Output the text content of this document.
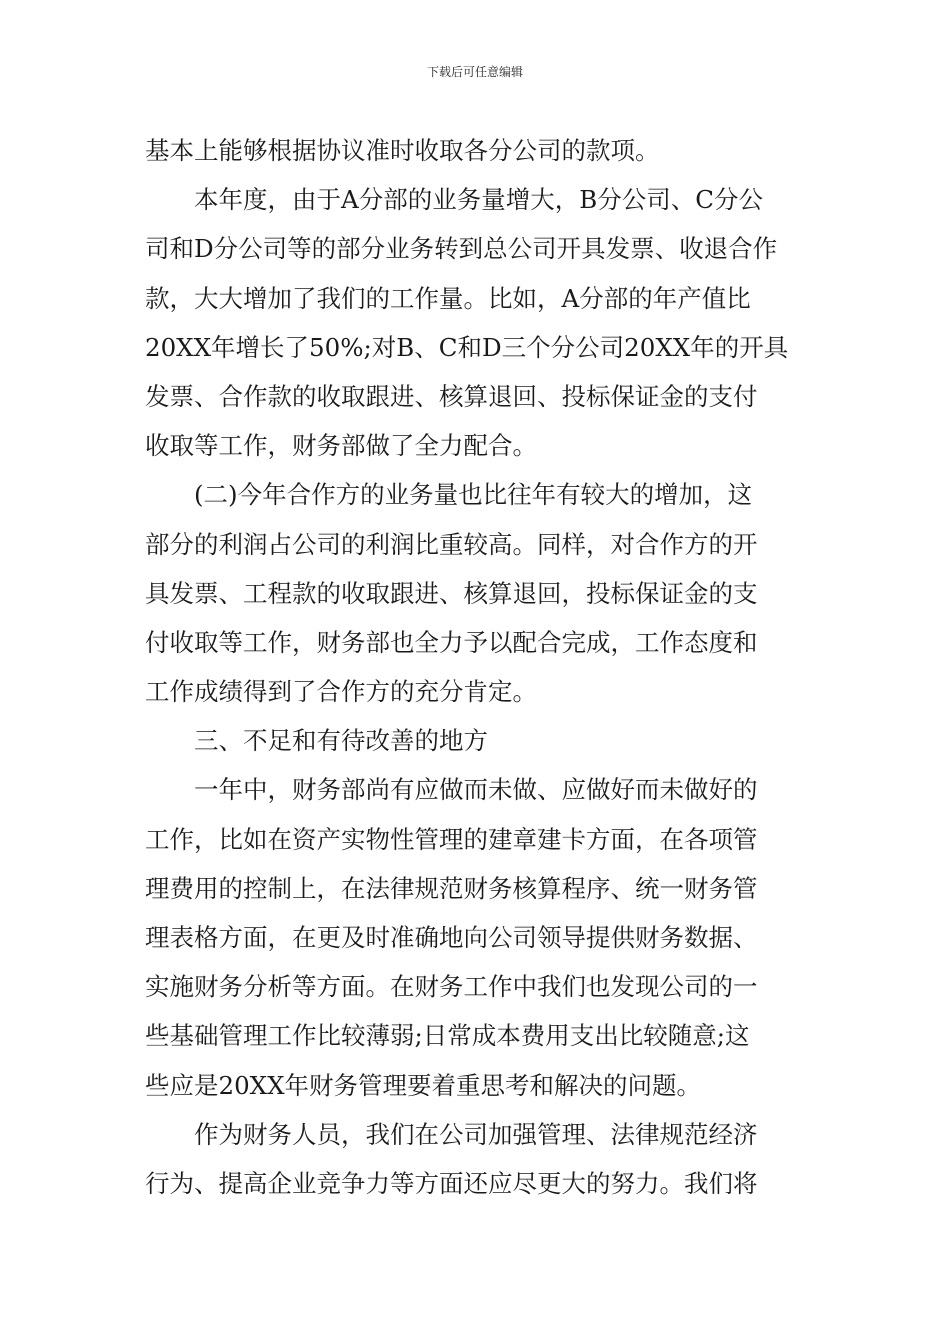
下载后可任意编辑
基本上能够根据协议准时收取各分公司的款项。
　　本年度，由于A分部的业务量增大，B分公司、C分公
司和D分公司等的部分业务转到总公司开具发票、收退合作
款，大大增加了我们的工作量。比如，A分部的年产值比
20XX年增长了50%;对B、C和D三个分公司20XX年的开具
发票、合作款的收取跟进、核算退回、投标保证金的支付
收取等工作，财务部做了全力配合。
　　(二)今年合作方的业务量也比往年有较大的增加，这
部分的利润占公司的利润比重较高。同样，对合作方的开
具发票、工程款的收取跟进、核算退回，投标保证金的支
付收取等工作，财务部也全力予以配合完成，工作态度和
工作成绩得到了合作方的充分肯定。
　　三、不足和有待改善的地方
　　一年中，财务部尚有应做而未做、应做好而未做好的
工作，比如在资产实物性管理的建章建卡方面，在各项管
理费用的控制上，在法律规范财务核算程序、统一财务管
理表格方面，在更及时准确地向公司领导提供财务数据、
实施财务分析等方面。在财务工作中我们也发现公司的一
些基础管理工作比较薄弱;日常成本费用支出比较随意;这
些应是20XX年财务管理要着重思考和解决的问题。
　　作为财务人员，我们在公司加强管理、法律规范经济
行为、提高企业竞争力等方面还应尽更大的努力。我们将
